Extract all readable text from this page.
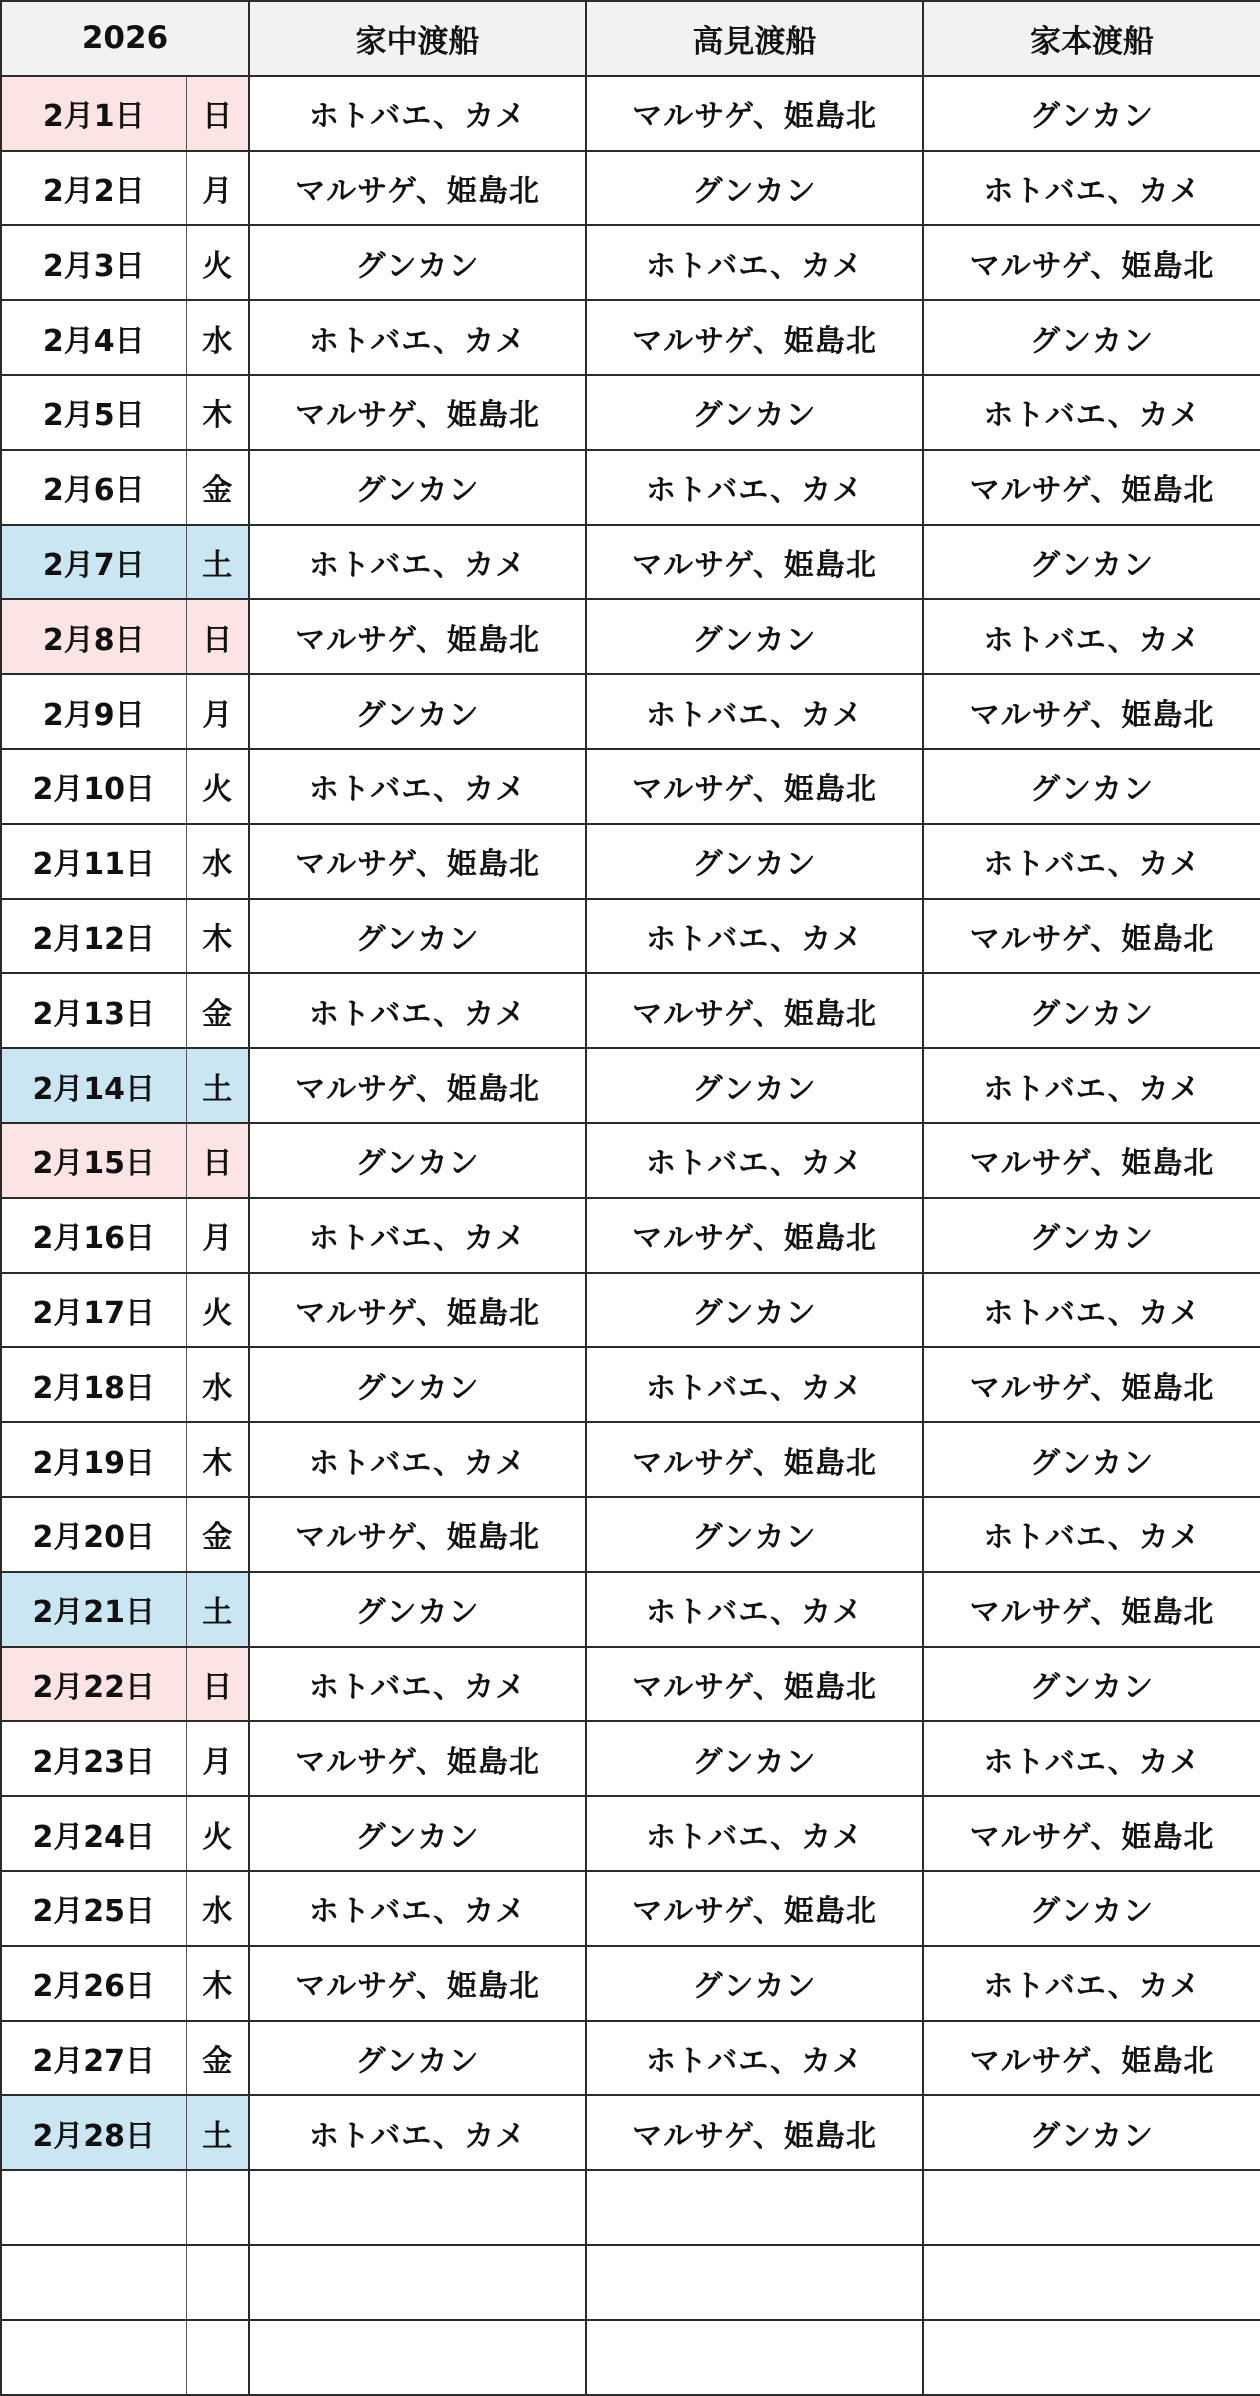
2026		家中渡船	高見渡船	家本渡船
2月1日	日	ホトバエ、カメ	マルサゲ、姫島北	グンカン
2月2日	月	マルサゲ、姫島北	グンカン	ホトバエ、カメ
2月3日	火	グンカン	ホトバエ、カメ	マルサゲ、姫島北
2月4日	水	ホトバエ、カメ	マルサゲ、姫島北	グンカン
2月5日	木	マルサゲ、姫島北	グンカン	ホトバエ、カメ
2月6日	金	グンカン	ホトバエ、カメ	マルサゲ、姫島北
2月7日	土	ホトバエ、カメ	マルサゲ、姫島北	グンカン
2月8日	日	マルサゲ、姫島北	グンカン	ホトバエ、カメ
2月9日	月	グンカン	ホトバエ、カメ	マルサゲ、姫島北
2月10日	火	ホトバエ、カメ	マルサゲ、姫島北	グンカン
2月11日	水	マルサゲ、姫島北	グンカン	ホトバエ、カメ
2月12日	木	グンカン	ホトバエ、カメ	マルサゲ、姫島北
2月13日	金	ホトバエ、カメ	マルサゲ、姫島北	グンカン
2月14日	土	マルサゲ、姫島北	グンカン	ホトバエ、カメ
2月15日	日	グンカン	ホトバエ、カメ	マルサゲ、姫島北
2月16日	月	ホトバエ、カメ	マルサゲ、姫島北	グンカン
2月17日	火	マルサゲ、姫島北	グンカン	ホトバエ、カメ
2月18日	水	グンカン	ホトバエ、カメ	マルサゲ、姫島北
2月19日	木	ホトバエ、カメ	マルサゲ、姫島北	グンカン
2月20日	金	マルサゲ、姫島北	グンカン	ホトバエ、カメ
2月21日	土	グンカン	ホトバエ、カメ	マルサゲ、姫島北
2月22日	日	ホトバエ、カメ	マルサゲ、姫島北	グンカン
2月23日	月	マルサゲ、姫島北	グンカン	ホトバエ、カメ
2月24日	火	グンカン	ホトバエ、カメ	マルサゲ、姫島北
2月25日	水	ホトバエ、カメ	マルサゲ、姫島北	グンカン
2月26日	木	マルサゲ、姫島北	グンカン	ホトバエ、カメ
2月27日	金	グンカン	ホトバエ、カメ	マルサゲ、姫島北
2月28日	土	ホトバエ、カメ	マルサゲ、姫島北	グンカン
